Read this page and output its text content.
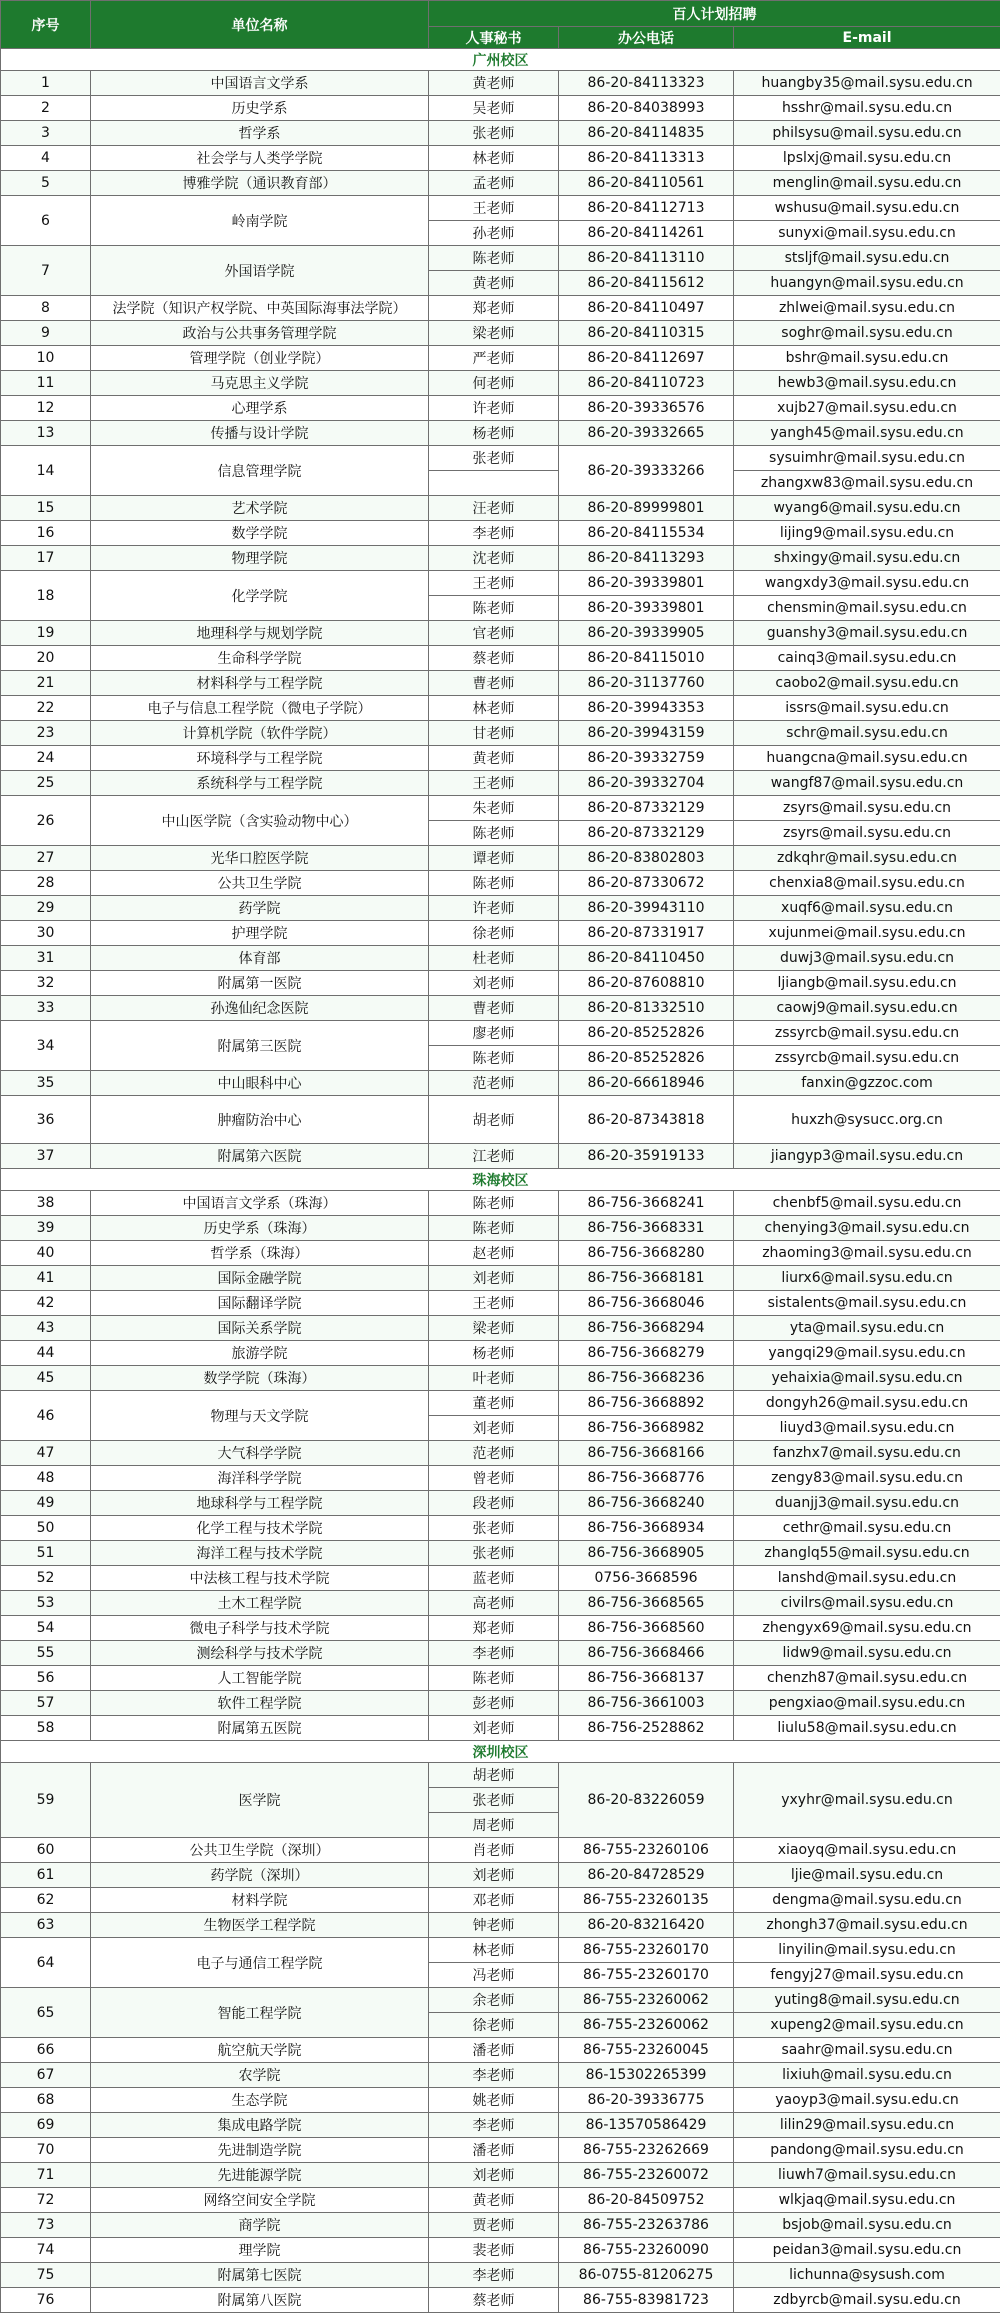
序号	单位名称	百人计划招聘		
		人事秘书	办公电话	E-mail
广州校区				
1	中国语言文学系	黄老师	86-20-84113323	huangby35@mail.sysu.edu.cn
2	历史学系	吴老师	86-20-84038993	hsshr@mail.sysu.edu.cn
3	哲学系	张老师	86-20-84114835	philsysu@mail.sysu.edu.cn
4	社会学与人类学学院	林老师	86-20-84113313	lpslxj@mail.sysu.edu.cn
5	博雅学院（通识教育部）	孟老师	86-20-84110561	menglin@mail.sysu.edu.cn
6	岭南学院	王老师	86-20-84112713	wshusu@mail.sysu.edu.cn
		孙老师	86-20-84114261	sunyxi@mail.sysu.edu.cn
7	外国语学院	陈老师	86-20-84113110	stsljf@mail.sysu.edu.cn
		黄老师	86-20-84115612	huangyn@mail.sysu.edu.cn
8	法学院（知识产权学院、中英国际海事法学院）	郑老师	86-20-84110497	zhlwei@mail.sysu.edu.cn
9	政治与公共事务管理学院	梁老师	86-20-84110315	soghr@mail.sysu.edu.cn
10	管理学院（创业学院）	严老师	86-20-84112697	bshr@mail.sysu.edu.cn
11	马克思主义学院	何老师	86-20-84110723	hewb3@mail.sysu.edu.cn
12	心理学系	许老师	86-20-39336576	xujb27@mail.sysu.edu.cn
13	传播与设计学院	杨老师	86-20-39332665	yangh45@mail.sysu.edu.cn
14	信息管理学院	张老师	86-20-39333266	sysuimhr@mail.sysu.edu.cn
				zhangxw83@mail.sysu.edu.cn
15	艺术学院	汪老师	86-20-89999801	wyang6@mail.sysu.edu.cn
16	数学学院	李老师	86-20-84115534	lijing9@mail.sysu.edu.cn
17	物理学院	沈老师	86-20-84113293	shxingy@mail.sysu.edu.cn
18	化学学院	王老师	86-20-39339801	wangxdy3@mail.sysu.edu.cn
		陈老师	86-20-39339801	chensmin@mail.sysu.edu.cn
19	地理科学与规划学院	官老师	86-20-39339905	guanshy3@mail.sysu.edu.cn
20	生命科学学院	蔡老师	86-20-84115010	cainq3@mail.sysu.edu.cn
21	材料科学与工程学院	曹老师	86-20-31137760	caobo2@mail.sysu.edu.cn
22	电子与信息工程学院（微电子学院）	林老师	86-20-39943353	issrs@mail.sysu.edu.cn
23	计算机学院（软件学院）	甘老师	86-20-39943159	schr@mail.sysu.edu.cn
24	环境科学与工程学院	黄老师	86-20-39332759	huangcna@mail.sysu.edu.cn
25	系统科学与工程学院	王老师	86-20-39332704	wangf87@mail.sysu.edu.cn
26	中山医学院（含实验动物中心）	朱老师	86-20-87332129	zsyrs@mail.sysu.edu.cn
		陈老师	86-20-87332129	zsyrs@mail.sysu.edu.cn
27	光华口腔医学院	谭老师	86-20-83802803	zdkqhr@mail.sysu.edu.cn
28	公共卫生学院	陈老师	86-20-87330672	chenxia8@mail.sysu.edu.cn
29	药学院	许老师	86-20-39943110	xuqf6@mail.sysu.edu.cn
30	护理学院	徐老师	86-20-87331917	xujunmei@mail.sysu.edu.cn
31	体育部	杜老师	86-20-84110450	duwj3@mail.sysu.edu.cn
32	附属第一医院	刘老师	86-20-87608810	ljiangb@mail.sysu.edu.cn
33	孙逸仙纪念医院	曹老师	86-20-81332510	caowj9@mail.sysu.edu.cn
34	附属第三医院	廖老师	86-20-85252826	zssyrcb@mail.sysu.edu.cn
		陈老师	86-20-85252826	zssyrcb@mail.sysu.edu.cn
35	中山眼科中心	范老师	86-20-66618946	fanxin@gzzoc.com
36	肿瘤防治中心	胡老师	86-20-87343818	huxzh@sysucc.org.cn
37	附属第六医院	江老师	86-20-35919133	jiangyp3@mail.sysu.edu.cn
珠海校区				
38	中国语言文学系（珠海）	陈老师	86-756-3668241	chenbf5@mail.sysu.edu.cn
39	历史学系（珠海）	陈老师	86-756-3668331	chenying3@mail.sysu.edu.cn
40	哲学系（珠海）	赵老师	86-756-3668280	zhaoming3@mail.sysu.edu.cn
41	国际金融学院	刘老师	86-756-3668181	liurx6@mail.sysu.edu.cn
42	国际翻译学院	王老师	86-756-3668046	sistalents@mail.sysu.edu.cn
43	国际关系学院	梁老师	86-756-3668294	yta@mail.sysu.edu.cn
44	旅游学院	杨老师	86-756-3668279	yangqi29@mail.sysu.edu.cn
45	数学学院（珠海）	叶老师	86-756-3668236	yehaixia@mail.sysu.edu.cn
46	物理与天文学院	董老师	86-756-3668892	dongyh26@mail.sysu.edu.cn
		刘老师	86-756-3668982	liuyd3@mail.sysu.edu.cn
47	大气科学学院	范老师	86-756-3668166	fanzhx7@mail.sysu.edu.cn
48	海洋科学学院	曾老师	86-756-3668776	zengy83@mail.sysu.edu.cn
49	地球科学与工程学院	段老师	86-756-3668240	duanjj3@mail.sysu.edu.cn
50	化学工程与技术学院	张老师	86-756-3668934	cethr@mail.sysu.edu.cn
51	海洋工程与技术学院	张老师	86-756-3668905	zhanglq55@mail.sysu.edu.cn
52	中法核工程与技术学院	蓝老师	0756-3668596	lanshd@mail.sysu.edu.cn
53	土木工程学院	高老师	86-756-3668565	civilrs@mail.sysu.edu.cn
54	微电子科学与技术学院	郑老师	86-756-3668560	zhengyx69@mail.sysu.edu.cn
55	测绘科学与技术学院	李老师	86-756-3668466	lidw9@mail.sysu.edu.cn
56	人工智能学院	陈老师	86-756-3668137	chenzh87@mail.sysu.edu.cn
57	软件工程学院	彭老师	86-756-3661003	pengxiao@mail.sysu.edu.cn
58	附属第五医院	刘老师	86-756-2528862	liulu58@mail.sysu.edu.cn
深圳校区				
59	医学院	胡老师	86-20-83226059	yxyhr@mail.sysu.edu.cn
		张老师		
		周老师		
60	公共卫生学院（深圳）	肖老师	86-755-23260106	xiaoyq@mail.sysu.edu.cn
61	药学院（深圳）	刘老师	86-20-84728529	ljie@mail.sysu.edu.cn
62	材料学院	邓老师	86-755-23260135	dengma@mail.sysu.edu.cn
63	生物医学工程学院	钟老师	86-20-83216420	zhongh37@mail.sysu.edu.cn
64	电子与通信工程学院	林老师	86-755-23260170	linyilin@mail.sysu.edu.cn
		冯老师	86-755-23260170	fengyj27@mail.sysu.edu.cn
65	智能工程学院	余老师	86-755-23260062	yuting8@mail.sysu.edu.cn
		徐老师	86-755-23260062	xupeng2@mail.sysu.edu.cn
66	航空航天学院	潘老师	86-755-23260045	saahr@mail.sysu.edu.cn
67	农学院	李老师	86-15302265399	lixiuh@mail.sysu.edu.cn
68	生态学院	姚老师	86-20-39336775	yaoyp3@mail.sysu.edu.cn
69	集成电路学院	李老师	86-13570586429	lilin29@mail.sysu.edu.cn
70	先进制造学院	潘老师	86-755-23262669	pandong@mail.sysu.edu.cn
71	先进能源学院	刘老师	86-755-23260072	liuwh7@mail.sysu.edu.cn
72	网络空间安全学院	黄老师	86-20-84509752	wlkjaq@mail.sysu.edu.cn
73	商学院	贾老师	86-755-23263786	bsjob@mail.sysu.edu.cn
74	理学院	裴老师	86-755-23260090	peidan3@mail.sysu.edu.cn
75	附属第七医院	李老师	86-0755-81206275	lichunna@sysush.com
76	附属第八医院	蔡老师	86-755-83981723	zdbyrcb@mail.sysu.edu.cn
